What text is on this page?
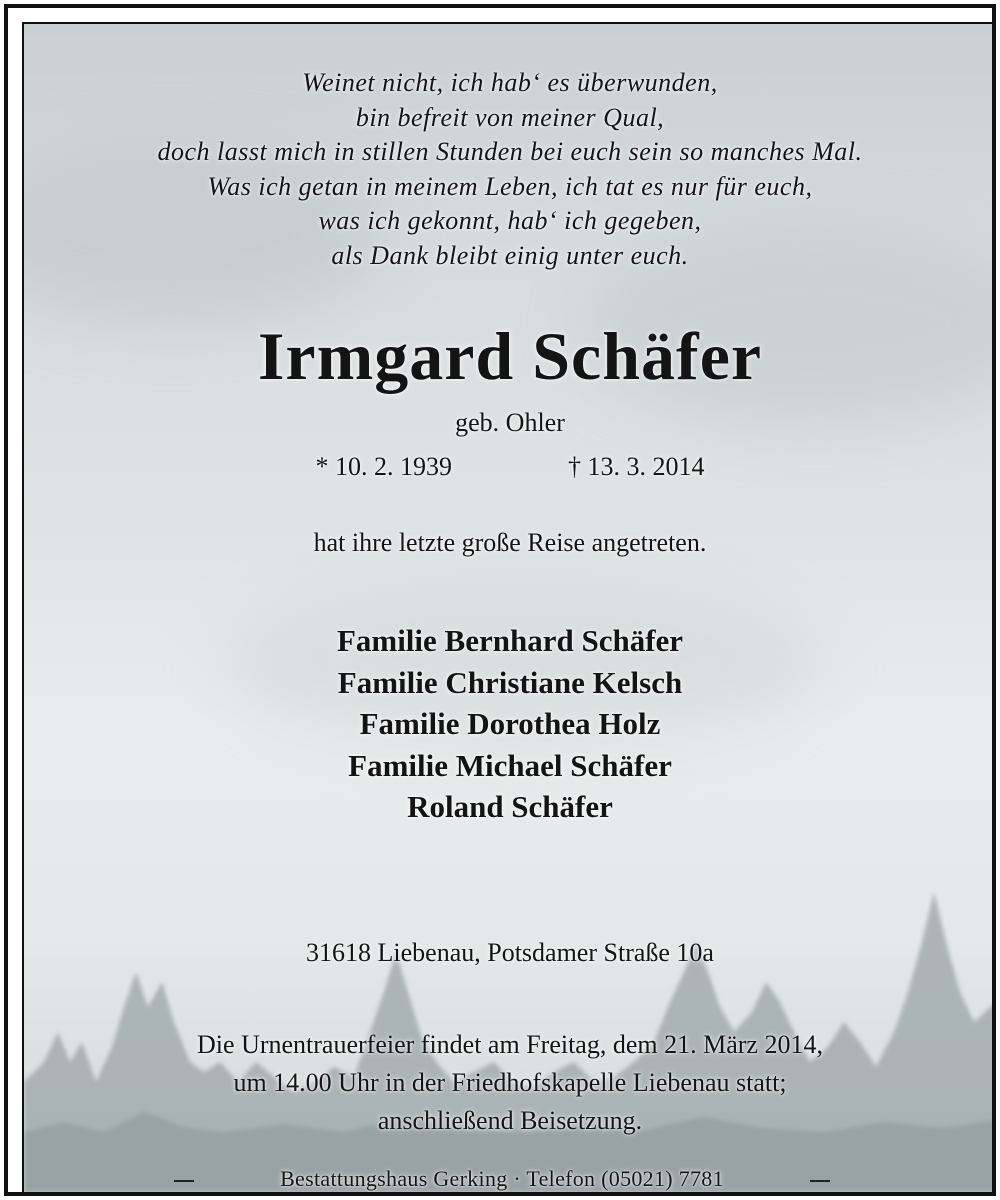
Weinet nicht, ich hab‘ es überwunden,
bin befreit von meiner Qual,
doch lasst mich in stillen Stunden bei euch sein so manches Mal.
Was ich getan in meinem Leben, ich tat es nur für euch,
was ich gekonnt, hab‘ ich gegeben,
als Dank bleibt einig unter euch.
Irmgard Schäfer
geb. Ohler
* 10. 2. 1939	† 13. 3. 2014
hat ihre letzte große Reise angetreten.
Familie Bernhard Schäfer
Familie Christiane Kelsch
Familie Dorothea Holz
Familie Michael Schäfer
Roland Schäfer
31618 Liebenau, Potsdamer Straße 10a
Die Urnentrauerfeier findet am Freitag, dem 21. März 2014,
um 14.00 Uhr in der Friedhofskapelle Liebenau statt;
anschließend Beisetzung.
Bestattungshaus Gerking · Telefon (05021) 7781
